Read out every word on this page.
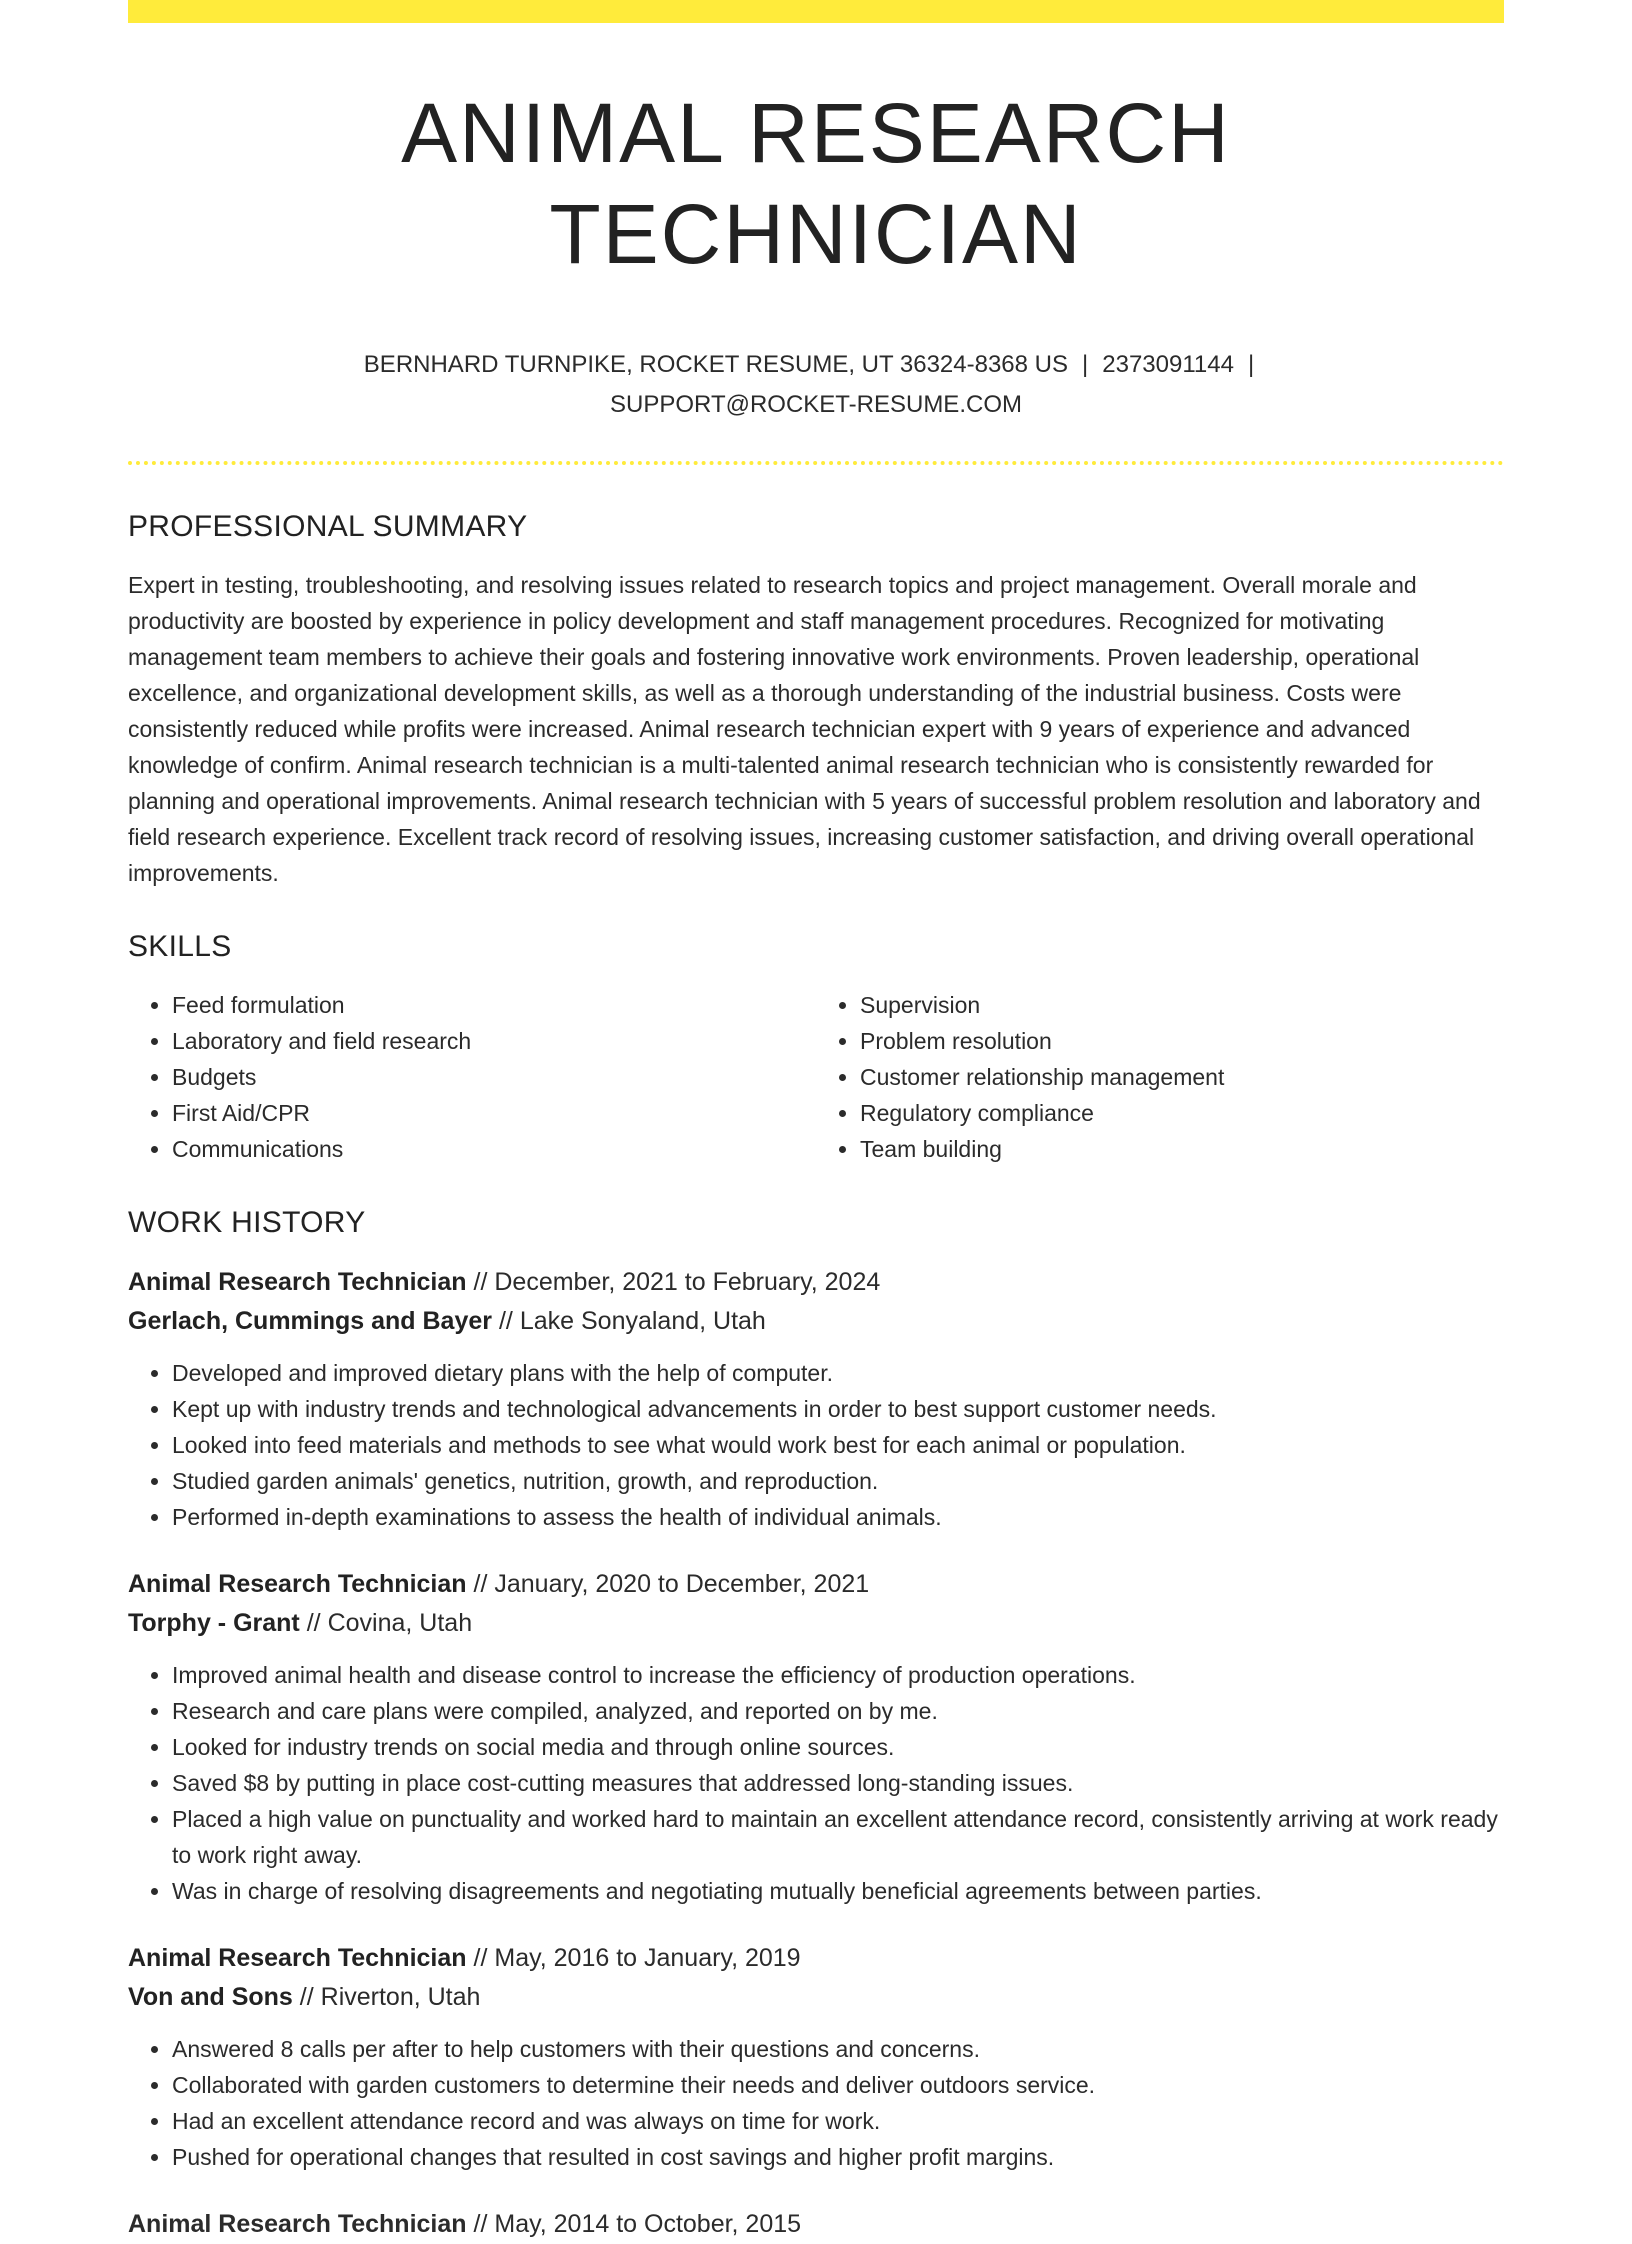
ANIMAL RESEARCH TECHNICIAN
BERNHARD TURNPIKE, ROCKET RESUME, UT 36324-8368 US | 2373091144 |
SUPPORT@ROCKET-RESUME.COM
PROFESSIONAL SUMMARY

Expert in testing, troubleshooting, and resolving issues related to research topics and project management. Overall morale and productivity are boosted by experience in policy development and staff management procedures. Recognized for motivating management team members to achieve their goals and fostering innovative work environments. Proven leadership, operational excellence, and organizational development skills, as well as a thorough understanding of the industrial business. Costs were consistently reduced while profits were increased. Animal research technician expert with 9 years of experience and advanced knowledge of confirm. Animal research technician is a multi-talented animal research technician who is consistently rewarded for planning and operational improvements. Animal research technician with 5 years of successful problem resolution and laboratory and field research experience. Excellent track record of resolving issues, increasing customer satisfaction, and driving overall operational improvements.

SKILLS
• Feed formulation
• Laboratory and field research
• Budgets
• First Aid/CPR
• Communications
• Supervision
• Problem resolution
• Customer relationship management
• Regulatory compliance
• Team building
WORK HISTORY
Animal Research Technician // December, 2021 to February, 2024
Gerlach, Cummings and Bayer // Lake Sonyaland, Utah
• Developed and improved dietary plans with the help of computer.
• Kept up with industry trends and technological advancements in order to best support customer needs.
• Looked into feed materials and methods to see what would work best for each animal or population.
• Studied garden animals' genetics, nutrition, growth, and reproduction.
• Performed in-depth examinations to assess the health of individual animals.
Animal Research Technician // January, 2020 to December, 2021
Torphy - Grant // Covina, Utah
• Improved animal health and disease control to increase the efficiency of production operations.
• Research and care plans were compiled, analyzed, and reported on by me.
• Looked for industry trends on social media and through online sources.
• Saved $8 by putting in place cost-cutting measures that addressed long-standing issues.
• Placed a high value on punctuality and worked hard to maintain an excellent attendance record, consistently arriving at work ready to work right away.
• Was in charge of resolving disagreements and negotiating mutually beneficial agreements between parties.
Animal Research Technician // May, 2016 to January, 2019
Von and Sons // Riverton, Utah
• Answered 8 calls per after to help customers with their questions and concerns.
• Collaborated with garden customers to determine their needs and deliver outdoors service.
• Had an excellent attendance record and was always on time for work.
• Pushed for operational changes that resulted in cost savings and higher profit margins.
Animal Research Technician // May, 2014 to October, 2015
